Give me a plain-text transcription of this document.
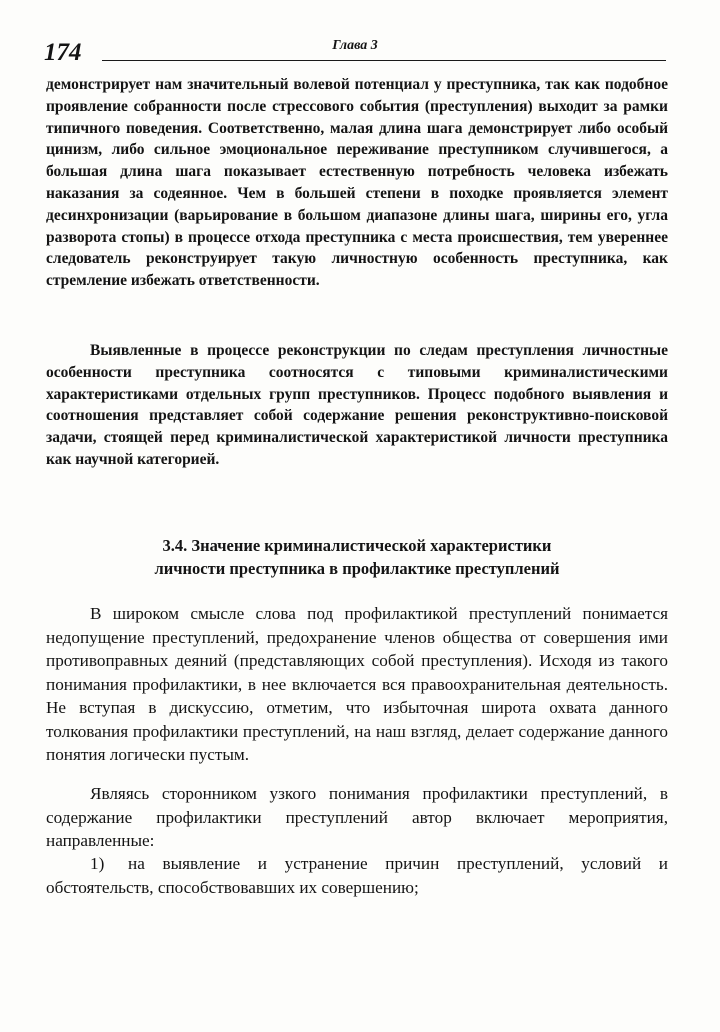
174	Глава 3

демонстрирует нам значительный волевой потенциал у преступника, так как подобное проявление собранности после стрессового события (преступления) выходит за рамки типичного поведения. Соответственно, малая длина шага демонстрирует либо особый цинизм, либо сильное эмоциональное переживание преступником случившегося, а большая длина шага показывает естественную потребность человека избежать наказания за содеянное. Чем в большей степени в походке проявляется элемент десинхронизации (варьирование в большом диапазоне длины шага, ширины его, угла разворота стопы) в процессе отхода преступника с места происшествия, тем увереннее следователь реконструирует такую личностную особенность преступника, как стремление избежать ответственности.

Выявленные в процессе реконструкции по следам преступления личностные особенности преступника соотносятся с типовыми криминалистическими характеристиками отдельных групп преступников. Процесс подобного выявления и соотношения представляет собой содержание решения реконструктивно-поисковой задачи, стоящей перед криминалистической характеристикой личности преступника как научной категорией.

3.4. Значение криминалистической характеристики
личности преступника в профилактике преступлений

В широком смысле слова под профилактикой преступлений понимается недопущение преступлений, предохранение членов общества от совершения ими противоправных деяний (представляющих собой преступления). Исходя из такого понимания профилактики, в нее включается вся правоохранительная деятельность. Не вступая в дискуссию, отметим, что избыточная широта охвата данного толкования профилактики преступлений, на наш взгляд, делает содержание данного понятия логически пустым.

Являясь сторонником узкого понимания профилактики преступлений, в содержание профилактики преступлений автор включает мероприятия, направленные:

1) на выявление и устранение причин преступлений, условий и обстоятельств, способствовавших их совершению;
